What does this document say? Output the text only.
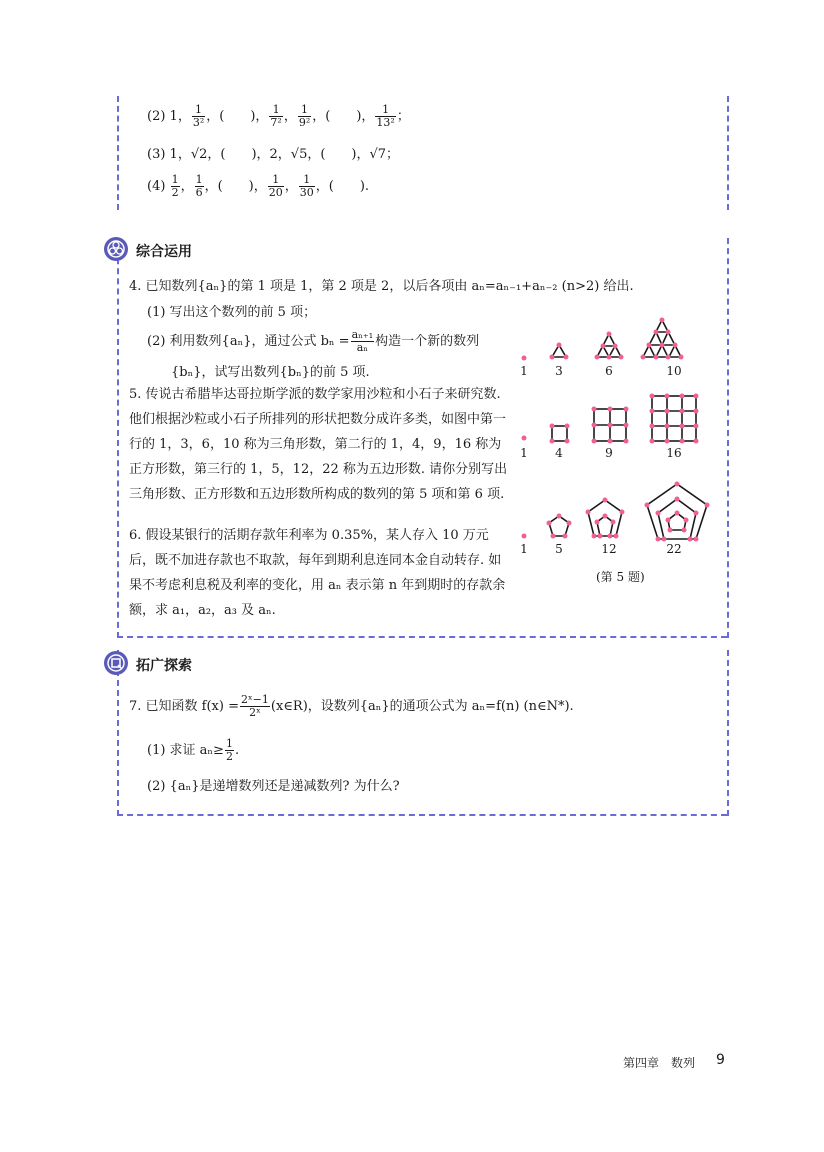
(2) 1， $\frac{1}{\text{3²}}$ ，(　　)， $\frac{1}{\text{7²}}$ ， $\frac{1}{\text{9²}}$ ，(　　)， $\frac{1}{\text{13²}}$ ；
(3) 1，√2，(　　)，2，√5，(　　)，√7；
$(4) \frac{1}{2}$ ， $\frac{1}{6}$ ，(　　)， $\frac{1}{20}$ ， $\frac{1}{30}$ ，(　　).
综合运用
4. 已知数列{aₙ}的第 1 项是 1，第 2 项是 2，以后各项由 aₙ=aₙ₋₁+aₙ₋₂ (n>2) 给出.
(1) 写出这个数列的前 5 项；
(2) 利用数列{aₙ}，通过公式 $b_n = \frac{\text{aₙ₊₁}}{\text{aₙ}}$ 构造一个新的数列
{bₙ}，试写出数列{bₙ}的前 5 项.
5. 传说古希腊毕达哥拉斯学派的数学家用沙粒和小石子来研究数. 他们根据沙粒或小石子所排列的形状把数分成许多类，如图中第一行的 1，3，6，10 称为三角形数，第二行的 1，4，9，16 称为正方形数，第三行的 1，5，12，22 称为五边形数. 请你分别写出三角形数、正方形数和五边形数所构成的数列的第 5 项和第 6 项.
6. 假设某银行的活期存款年利率为 0.35%，某人存入 10 万元后，既不加进存款也不取款，每年到期利息连同本金自动转存. 如果不考虑利息税及利率的变化，用 aₙ 表示第 n 年到期时的存款余额，求 a₁，a₂，a₃ 及 aₙ.
1	3	6	10
1	4	9	16
1	5	12	22
(第 5 题)
拓广探索
7. 已知函数 $f(x) = \frac{\text{2ˣ−1}}{\text{2ˣ}}$ (x∈R)，设数列{aₙ}的通项公式为 aₙ=f(n) (n∈N*).
(1) 求证 $a_n\ge \frac{1}{2}$ .
(2) {aₙ}是递增数列还是递减数列? 为什么?
第四章　数列 9
